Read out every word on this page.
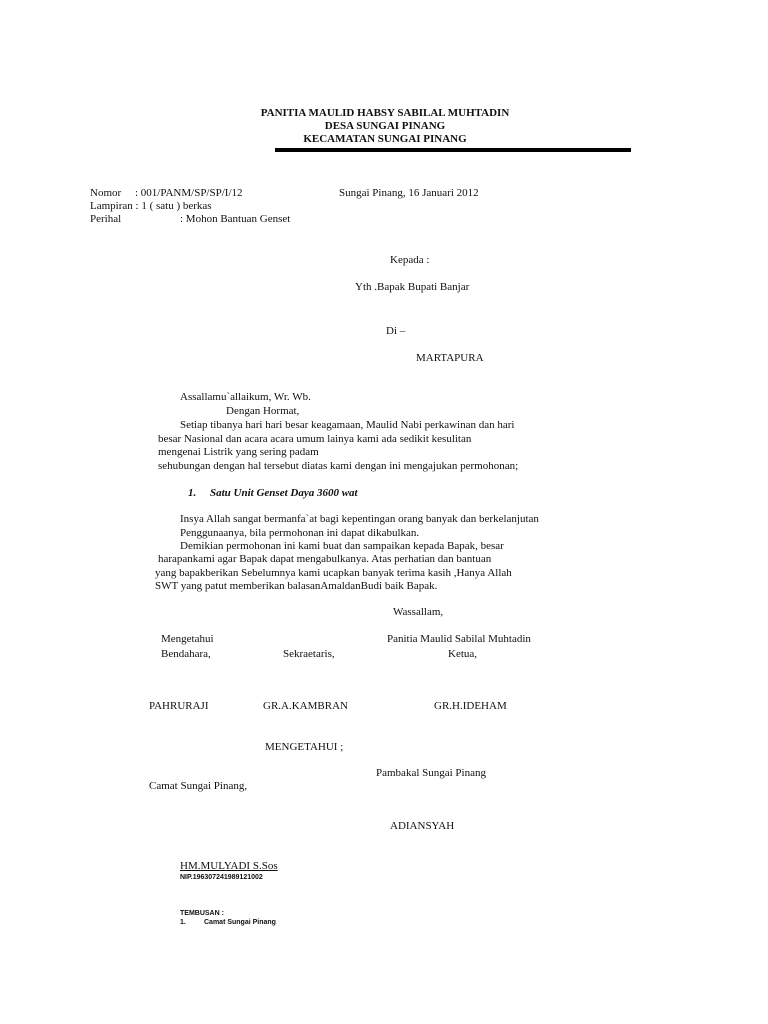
PANITIA MAULID HABSY SABILAL MUHTADIN
DESA SUNGAI PINANG
KECAMATAN SUNGAI PINANG
Nomor : 001/PANM/SP/SP/I/12	Sungai Pinang, 16 Januari 2012
Lampiran : 1 ( satu ) berkas
Perihal	: Mohon Bantuan Genset
Kepada :
Yth .Bapak Bupati Banjar
Di –
MARTAPURA
Assallamu`allaikum, Wr. Wb.
Dengan Hormat,
Setiap tibanya hari hari besar keagamaan, Maulid Nabi perkawinan dan hari
besar Nasional dan acara acara umum lainya kami ada sedikit kesulitan
mengenai Listrik yang sering padam
sehubungan dengan hal tersebut diatas kami dengan ini mengajukan permohonan;
1. Satu Unit Genset Daya 3600 wat
Insya Allah sangat bermanfa`at bagi kepentingan orang banyak dan berkelanjutan
Penggunaanya, bila permohonan ini dapat dikabulkan.
Demikian permohonan ini kami buat dan sampaikan kepada Bapak, besar
harapankami agar Bapak dapat mengabulkanya. Atas perhatian dan bantuan
yang bapakberikan Sebelumnya kami ucapkan banyak terima kasih ,Hanya Allah
SWT yang patut memberikan balasanAmaldanBudi baik Bapak.
Wassallam,
Mengetahui	Panitia Maulid Sabilal Muhtadin
Bendahara,	Sekraetaris,	Ketua,
PAHRURAJI	GR.A.KAMBRAN	GR.H.IDEHAM
MENGETAHUI ;
Pambakal Sungai Pinang
Camat Sungai Pinang,
ADIANSYAH
HM.MULYADI S.Sos
NIP.196307241989121002
TEMBUSAN :
1.	Camat Sungai Pinang
